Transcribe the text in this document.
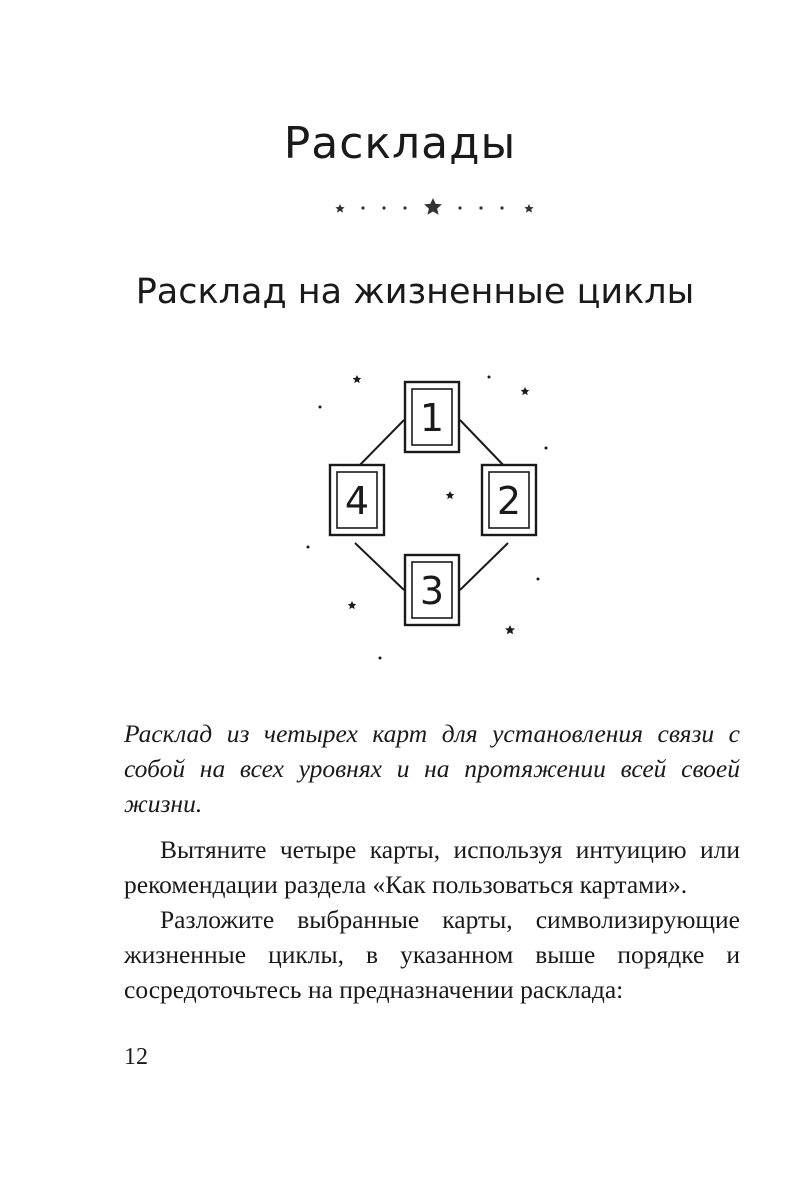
Расклады
Расклад на жизненные циклы
1
2
3
4

Расклад из четырех карт для установления связи с собой на всех уровнях и на протяжении всей своей жизни.

Вытяните четыре карты, используя интуицию или рекомендации раздела «Как пользоваться картами».

Разложите выбранные карты, символизирующие жизненные циклы, в указанном выше порядке и сосредоточьтесь на предназначении расклада:

12
